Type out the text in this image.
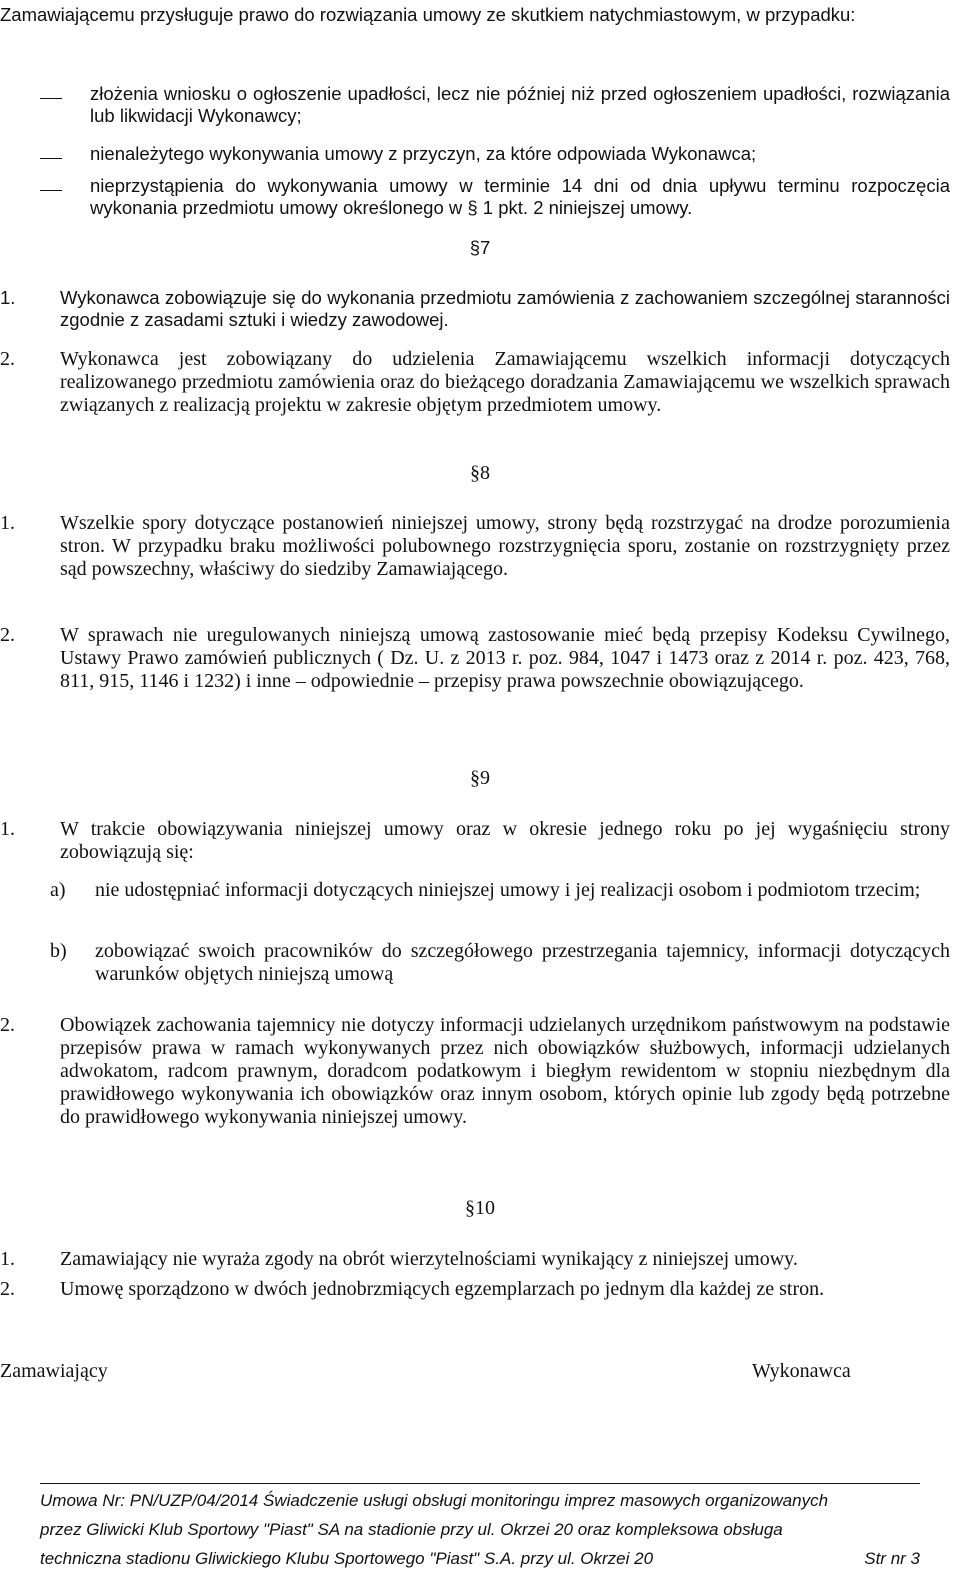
Zamawiającemu przysługuje prawo do rozwiązania umowy ze skutkiem natychmiastowym, w przypadku:

złożenia wniosku o ogłoszenie upadłości, lecz nie później niż przed ogłoszeniem upadłości, rozwiązania lub likwidacji Wykonawcy;
nienależytego wykonywania umowy z przyczyn, za które odpowiada Wykonawca;
nieprzystąpienia do wykonywania umowy w terminie 14 dni od dnia upływu terminu rozpoczęcia wykonania przedmiotu umowy określonego w § 1 pkt. 2 niniejszej umowy.
§7
1. Wykonawca zobowiązuje się do wykonania przedmiotu zamówienia z zachowaniem szczególnej staranności zgodnie z zasadami sztuki i wiedzy zawodowej.
2. Wykonawca jest zobowiązany do udzielenia Zamawiającemu wszelkich informacji dotyczących realizowanego przedmiotu zamówienia oraz do bieżącego doradzania Zamawiającemu we wszelkich sprawach związanych z realizacją projektu w zakresie objętym przedmiotem umowy.
§8
1. Wszelkie spory dotyczące postanowień niniejszej umowy, strony będą rozstrzygać na drodze porozumienia stron. W przypadku braku możliwości polubownego rozstrzygnięcia sporu, zostanie on rozstrzygnięty przez sąd powszechny, właściwy do siedziby Zamawiającego.
2. W sprawach nie uregulowanych niniejszą umową zastosowanie mieć będą przepisy Kodeksu Cywilnego, Ustawy Prawo zamówień publicznych ( Dz. U. z 2013 r. poz. 984, 1047 i 1473 oraz z 2014 r. poz. 423, 768, 811, 915, 1146 i 1232) i inne – odpowiednie – przepisy prawa powszechnie obowiązującego.
§9
1. W trakcie obowiązywania niniejszej umowy oraz w okresie jednego roku po jej wygaśnięciu strony zobowiązują się:
a) nie udostępniać informacji dotyczących niniejszej umowy i jej realizacji osobom i podmiotom trzecim;
b) zobowiązać swoich pracowników do szczegółowego przestrzegania tajemnicy, informacji dotyczących warunków objętych niniejszą umową
2. Obowiązek zachowania tajemnicy nie dotyczy informacji udzielanych urzędnikom państwowym na podstawie przepisów prawa w ramach wykonywanych przez nich obowiązków służbowych, informacji udzielanych adwokatom, radcom prawnym, doradcom podatkowym i biegłym rewidentom w stopniu niezbędnym dla prawidłowego wykonywania ich obowiązków oraz innym osobom, których opinie lub zgody będą potrzebne do prawidłowego wykonywania niniejszej umowy.
§10
1. Zamawiający nie wyraża zgody na obrót wierzytelnościami wynikający z niniejszej umowy.
2. Umowę sporządzono w dwóch jednobrzmiących egzemplarzach po jednym dla każdej ze stron.
Zamawiający	Wykonawca
Umowa Nr: PN/UZP/04/2014 Świadczenie usługi obsługi monitoringu imprez masowych organizowanych
przez Gliwicki Klub Sportowy "Piast" SA na stadionie przy ul. Okrzei 20 oraz kompleksowa obsługa
Str nr 3
techniczna stadionu Gliwickiego Klubu Sportowego "Piast" S.A. przy ul. Okrzei 20
